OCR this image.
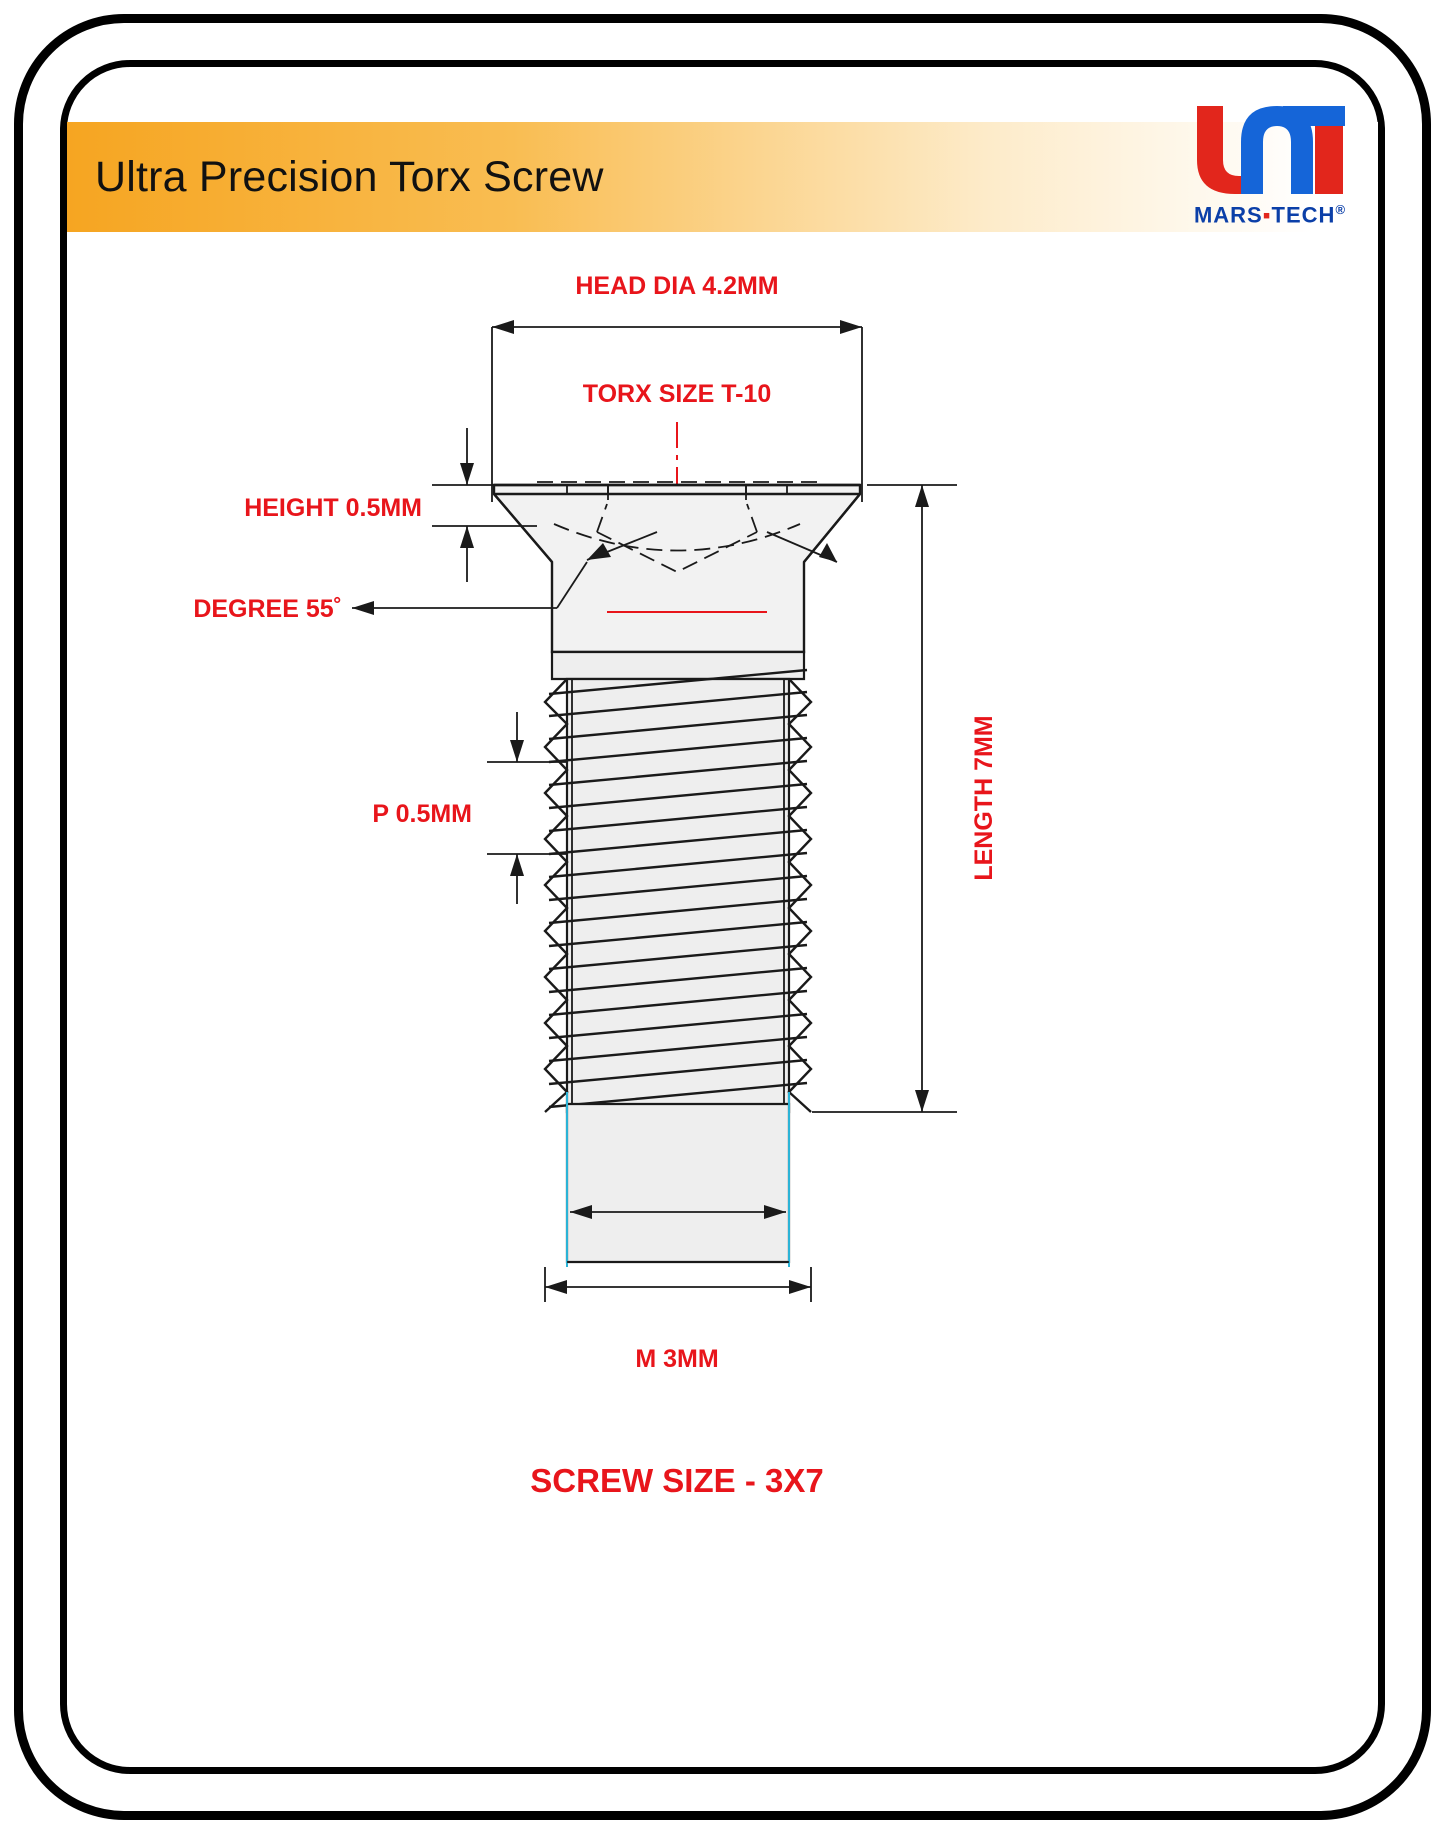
Ultra Precision Torx Screw
MARS▪TECH®
HEAD DIA 4.2MM
TORX SIZE T-10
HEIGHT 0.5MM
DEGREE 55˚
P 0.5MM	LENGTH 7MM
M 3MM
SCREW SIZE - 3X7
